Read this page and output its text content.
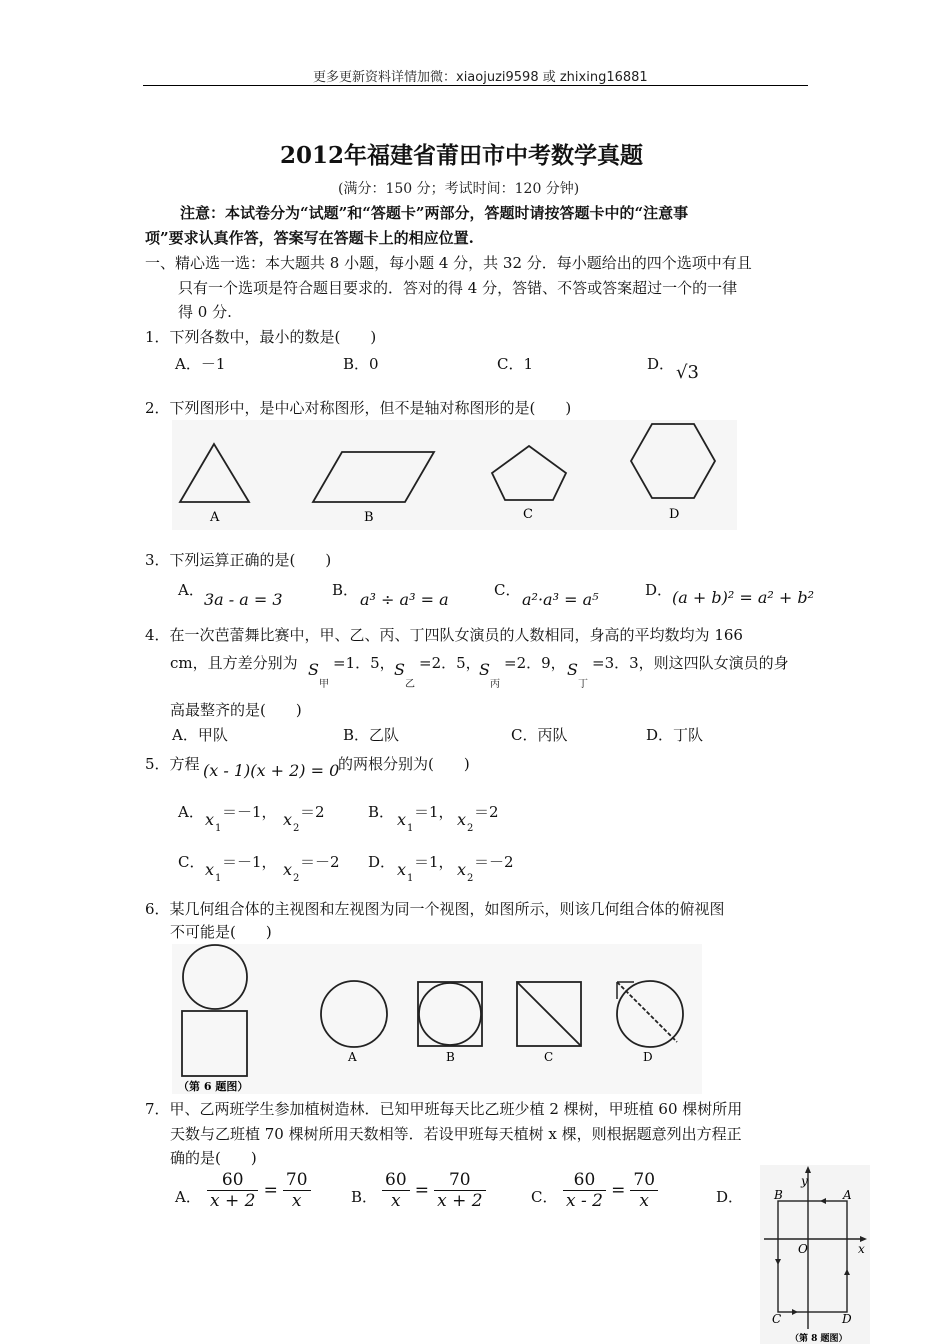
更多更新资料详情加微：xiaojuzi9598 或 zhixing16881
2012年福建省莆田市中考数学真题
(满分：150 分；考试时间：120 分钟)
注意：本试卷分为“试题”和“答题卡”两部分，答题时请按答题卡中的“注意事
项”要求认真作答，答案写在答题卡上的相应位置.
一、精心选一选：本大题共 8 小题，每小题 4 分，共 32 分．每小题给出的四个选项中有且
只有一个选项是符合题目要求的．答对的得 4 分，答错、不答或答案超过一个的一律
得 0 分.
1．下列各数中，最小的数是(　　)
A．－1	B．0	C．1	D． √3
2．下列图形中，是中心对称图形，但不是轴对称图形的是(　　)
A	B	C	D
3．下列运算正确的是(　　)
A． 3a - a = 3	B． a³ ÷ a³ = a	C． a²·a³ = a⁵	D． (a + b)² = a² + b²
4．在一次芭蕾舞比赛中，甲、乙、丙、丁四队女演员的人数相同，身高的平均数均为 166
cm，且方差分别为 S
甲
=1．5， S
乙
=2．5，
S
丙
=2．9， S
丁
=3．3，则这四队女演员的身
高最整齐的是(　　)
A．甲队	B．乙队	C．丙队	D．丁队
5．方程 (x - 1)(x + 2) = 0
的两根分别为(　　)
A． x 1
＝－1， x 2
＝2	B． x 1
＝1， x 2
＝2
C． x 1
＝－1， x 2
＝－2 D． x 1
＝1， x 2
＝－2
6．某几何组合体的主视图和左视图为同一个视图，如图所示，则该几何组合体的俯视图
不可能是(　　)
（第 6 题图）
A	B	C	D
7．甲、乙两班学生参加植树造林．已知甲班每天比乙班少植 2 棵树，甲班植 60 棵树所用
天数与乙班植 70 棵树所用天数相等．若设甲班每天植树 x 棵，则根据题意列出方程正
确的是(　　)
A． $\frac{60}{x + 2} = \frac{70}{x}$	B． $\frac{60}{x} = \frac{70}{x + 2}$	C． $\frac{60}{x - 2} = \frac{70}{x}$	D．
y
x
O
A
B
C	D
（第 8 题图）
